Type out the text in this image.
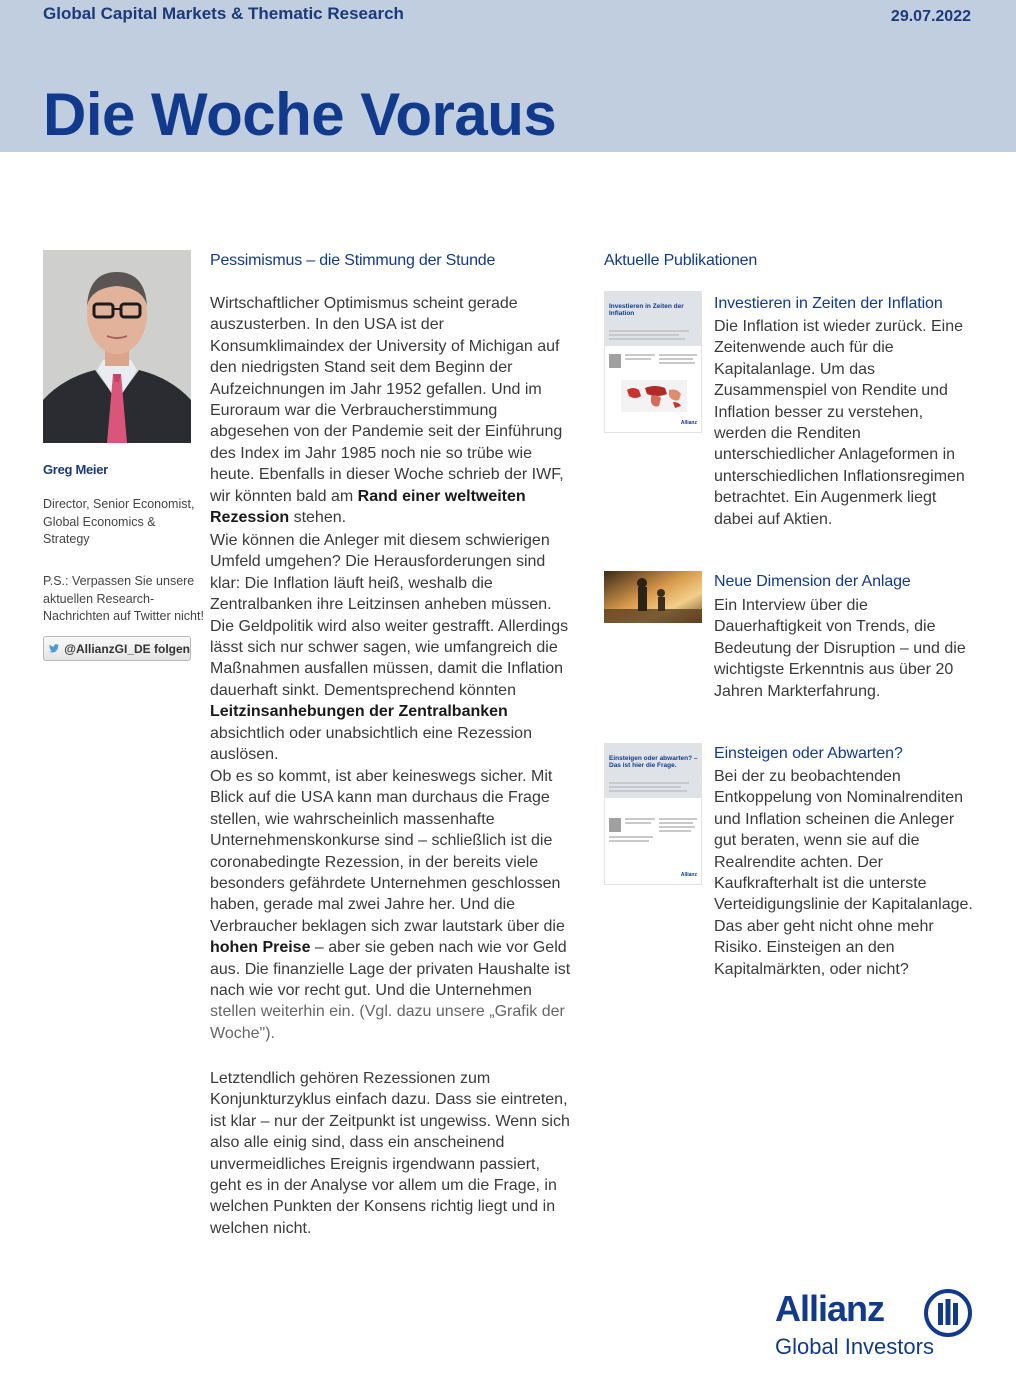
Global Capital Markets & Thematic Research	29.07.2022
Die Woche Voraus
Greg Meier
Director, Senior Economist, Global Economics & Strategy
P.S.: Verpassen Sie unsere aktuellen Research- Nachrichten auf Twitter nicht!
@AllianzGI_DE folgen
Pessimismus – die Stimmung der Stunde
Wirtschaftlicher Optimismus scheint gerade auszusterben. In den USA ist der Konsumklimaindex der University of Michigan auf den niedrigsten Stand seit dem Beginn der Aufzeichnungen im Jahr 1952 gefallen. Und im Euroraum war die Verbraucherstimmung abgesehen von der Pandemie seit der Einführung des Index im Jahr 1985 noch nie so trübe wie heute. Ebenfalls in dieser Woche schrieb der IWF, wir könnten bald am Rand einer weltweiten Rezession stehen.
Wie können die Anleger mit diesem schwierigen Umfeld umgehen? Die Herausforderungen sind klar: Die Inflation läuft heiß, weshalb die Zentralbanken ihre Leitzinsen anheben müssen. Die Geldpolitik wird also weiter gestrafft. Allerdings lässt sich nur schwer sagen, wie umfangreich die Maßnahmen ausfallen müssen, damit die Inflation dauerhaft sinkt. Dementsprechend könnten Leitzinsanhebungen der Zentralbanken absichtlich oder unabsichtlich eine Rezession auslösen.
Ob es so kommt, ist aber keineswegs sicher. Mit Blick auf die USA kann man durchaus die Frage stellen, wie wahrscheinlich massenhafte Unternehmenskonkurse sind – schließlich ist die coronabedingte Rezession, in der bereits viele besonders gefährdete Unternehmen geschlossen haben, gerade mal zwei Jahre her. Und die Verbraucher beklagen sich zwar lautstark über die hohen Preise – aber sie geben nach wie vor Geld aus. Die finanzielle Lage der privaten Haushalte ist nach wie vor recht gut. Und die Unternehmen stellen weiterhin ein. (Vgl. dazu unsere „Grafik der Woche").
Letztendlich gehören Rezessionen zum Konjunkturzyklus einfach dazu. Dass sie eintreten, ist klar – nur der Zeitpunkt ist ungewiss. Wenn sich also alle einig sind, dass ein anscheinend unvermeidliches Ereignis irgendwann passiert, geht es in der Analyse vor allem um die Frage, in welchen Punkten der Konsens richtig liegt und in welchen nicht.
Aktuelle Publikationen
Investieren in Zeiten der Inflation
Allianz
Investieren in Zeiten der Inflation
Die Inflation ist wieder zurück. Eine Zeitenwende auch für die Kapitalanlage. Um das Zusammenspiel von Rendite und Inflation besser zu verstehen, werden die Renditen unterschiedlicher Anlageformen in unterschiedlichen Inflationsregimen betrachtet. Ein Augenmerk liegt dabei auf Aktien.
Neue Dimension der Anlage
Ein Interview über die Dauerhaftigkeit von Trends, die Bedeutung der Disruption – und die wichtigste Erkenntnis aus über 20 Jahren Markterfahrung.
Einsteigen oder abwarten? – Das ist hier die Frage.
Allianz
Einsteigen oder Abwarten?
Bei der zu beobachtenden Entkoppelung von Nominalrenditen und Inflation scheinen die Anleger gut beraten, wenn sie auf die Realrendite achten. Der Kaufkrafterhalt ist die unterste Verteidigungslinie der Kapitalanlage. Das aber geht nicht ohne mehr Risiko. Einsteigen an den Kapitalmärkten, oder nicht?
Allianz
Global Investors
